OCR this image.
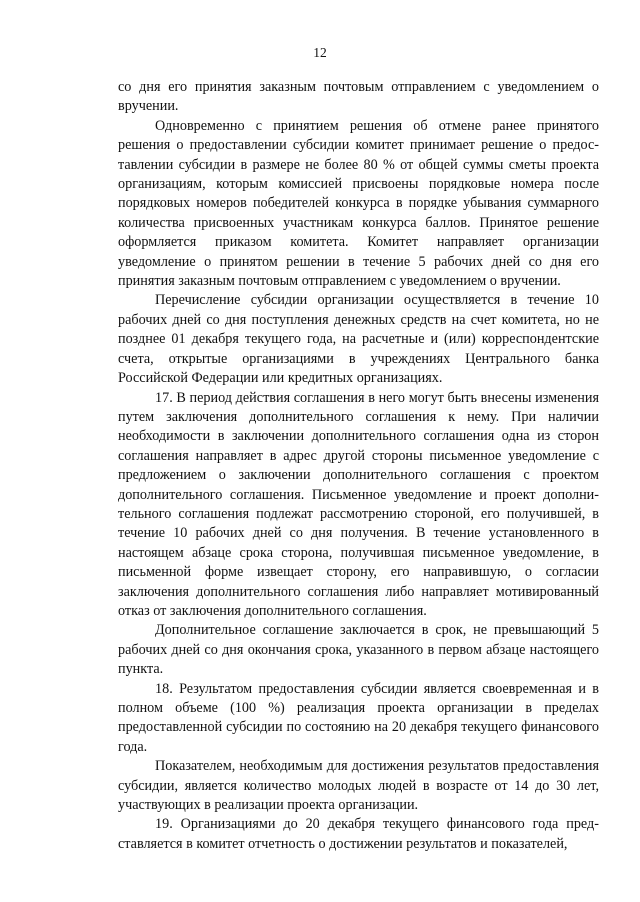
12

со дня его принятия заказным почтовым отправлением с уведомлением о вручении.

Одновременно с принятием решения об отмене ранее принятого решения о предоставлении субсидии комитет принимает решение о предоставлении субсидии в размере не более 80 % от общей суммы сметы проекта организациям, которым комиссией присвоены порядковые номера после порядковых номеров победителей конкурса в порядке убывания суммарного количества присвоенных участникам конкурса баллов. Принятое решение оформляется приказом комитета. Комитет направляет организации уведомление о принятом решении в течение 5 рабочих дней со дня его принятия заказным почтовым отправлением с уведомлением о вручении.

Перечисление субсидии организации осуществляется в течение 10 рабочих дней со дня поступления денежных средств на счет комитета, но не позднее 01 декабря текущего года, на расчетные и (или) корреспондентские счета, открытые организациями в учреждениях Центрального банка Российской Федерации или кредитных организациях.

17. В период действия соглашения в него могут быть внесены изменения путем заключения дополнительного соглашения к нему. При наличии необходимости в заключении дополнительного соглашения одна из сторон соглашения направляет в адрес другой стороны письменное уведомление с предложением о заключении дополнительного соглашения с проектом дополнительного соглашения. Письменное уведомление и проект дополнительного соглашения подлежат рассмотрению стороной, его получившей, в течение 10 рабочих дней со дня получения. В течение установленного в настоящем абзаце срока сторона, получившая письменное уведомление, в письменной форме извещает сторону, его направившую, о согласии заключения дополнительного соглашения либо направляет мотивированный отказ от заключения дополнительного соглашения.

Дополнительное соглашение заключается в срок, не превышающий 5 рабочих дней со дня окончания срока, указанного в первом абзаце настоящего пункта.

18. Результатом предоставления субсидии является своевременная и в полном объеме (100 %) реализация проекта организации в пределах предоставленной субсидии по состоянию на 20 декабря текущего финансового года.

Показателем, необходимым для достижения результатов предоставления субсидии, является количество молодых людей в возрасте от 14 до 30 лет, участвующих в реализации проекта организации.

19. Организациями до 20 декабря текущего финансового года представляется в комитет отчетность о достижении результатов и показателей,
